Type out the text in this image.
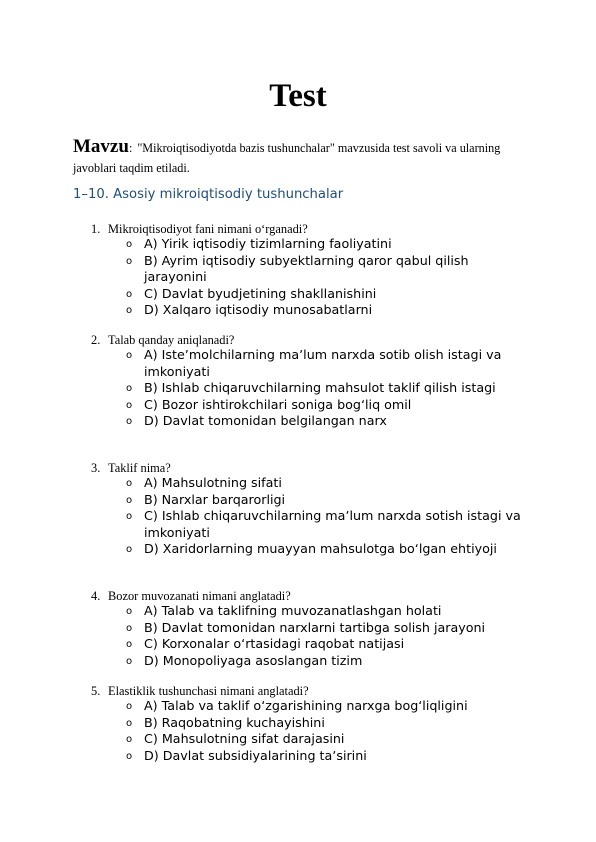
Test

Mavzu: "Mikroiqtisodiyotda bazis tushunchalar" mavzusida test savoli va ularning javoblari taqdim etiladi.

1–10. Asosiy mikroiqtisodiy tushunchalar

1. Mikroiqtisodiyot fani nimani oʻrganadi?
o A) Yirik iqtisodiy tizimlarning faoliyatini
o B) Ayrim iqtisodiy subyektlarning qaror qabul qilish jarayonini
o C) Davlat byudjetining shakllanishini
o D) Xalqaro iqtisodiy munosabatlarni
2. Talab qanday aniqlanadi?
o A) Isteʼmolchilarning maʼlum narxda sotib olish istagi va imkoniyati
o B) Ishlab chiqaruvchilarning mahsulot taklif qilish istagi
o C) Bozor ishtirokchilari soniga bogʻliq omil
o D) Davlat tomonidan belgilangan narx
3. Taklif nima?
o A) Mahsulotning sifati
o B) Narxlar barqarorligi
o C) Ishlab chiqaruvchilarning maʼlum narxda sotish istagi va imkoniyati
o D) Xaridorlarning muayyan mahsulotga boʻlgan ehtiyoji
4. Bozor muvozanati nimani anglatadi?
o A) Talab va taklifning muvozanatlashgan holati
o B) Davlat tomonidan narxlarni tartibga solish jarayoni
o C) Korxonalar oʻrtasidagi raqobat natijasi
o D) Monopoliyaga asoslangan tizim
5. Elastiklik tushunchasi nimani anglatadi?
o A) Talab va taklif oʻzgarishining narxga bogʻliqligini
o B) Raqobatning kuchayishini
o C) Mahsulotning sifat darajasini
o D) Davlat subsidiyalarining taʼsirini
